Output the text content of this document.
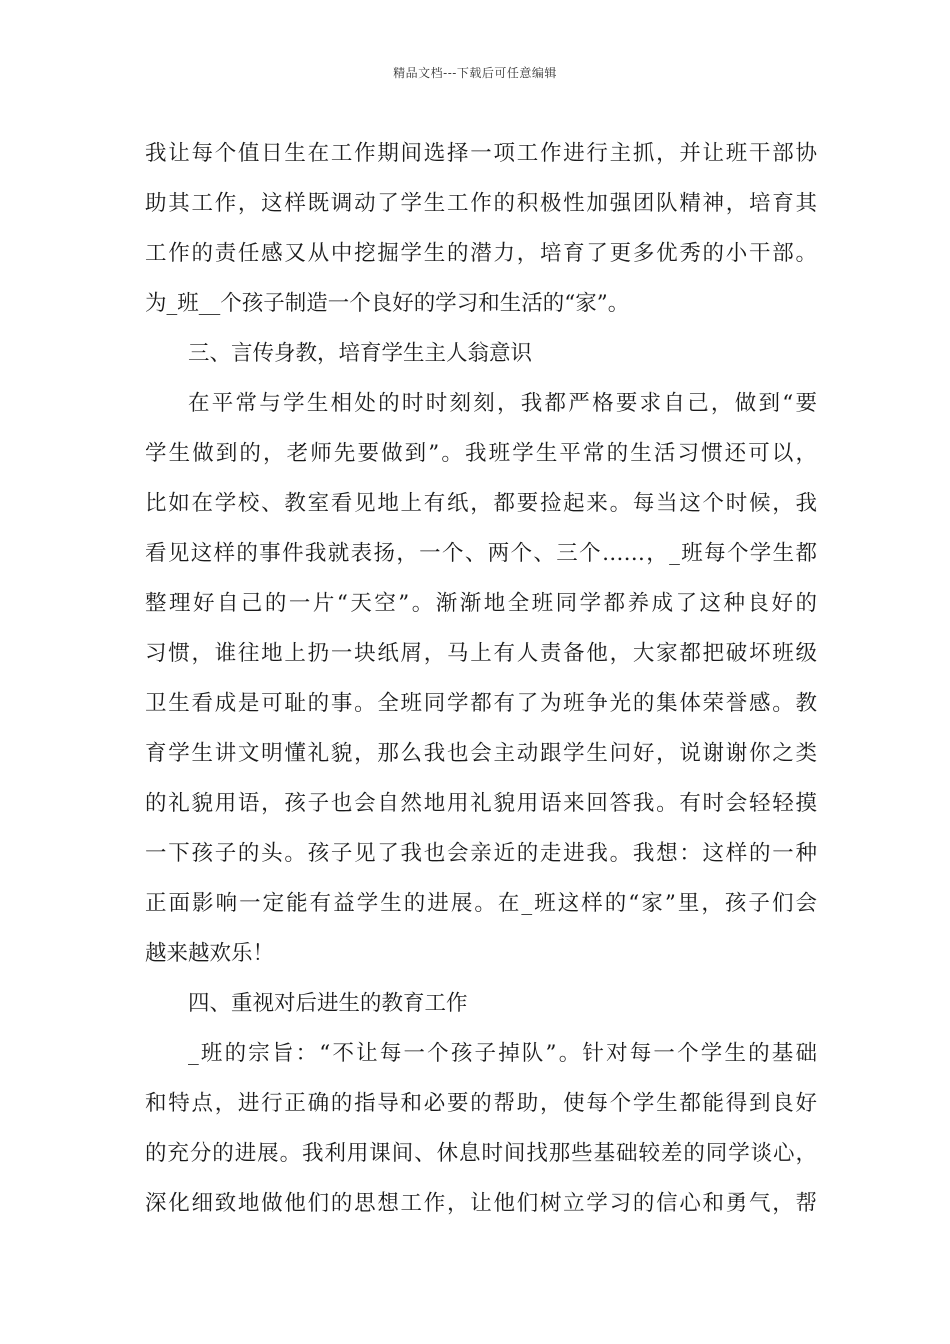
精品文档---下载后可任意编辑
我让每个值日生在工作期间选择一项工作进行主抓，并让班干部协
助其工作，这样既调动了学生工作的积极性加强团队精神，培育其
工作的责任感又从中挖掘学生的潜力，培育了更多优秀的小干部。
为_班__个孩子制造一个良好的学习和生活的“家”。
三、言传身教，培育学生主人翁意识
在平常与学生相处的时时刻刻，我都严格要求自己，做到“要
学生做到的，老师先要做到”。我班学生平常的生活习惯还可以，
比如在学校、教室看见地上有纸，都要捡起来。每当这个时候，我
看见这样的事件我就表扬，一个、两个、三个……，_班每个学生都
整理好自己的一片“天空”。渐渐地全班同学都养成了这种良好的
习惯，谁往地上扔一块纸屑，马上有人责备他，大家都把破坏班级
卫生看成是可耻的事。全班同学都有了为班争光的集体荣誉感。教
育学生讲文明懂礼貌，那么我也会主动跟学生问好，说谢谢你之类
的礼貌用语，孩子也会自然地用礼貌用语来回答我。有时会轻轻摸
一下孩子的头。孩子见了我也会亲近的走进我。我想：这样的一种
正面影响一定能有益学生的进展。在_班这样的“家”里，孩子们会
越来越欢乐！
四、重视对后进生的教育工作
_班的宗旨：“不让每一个孩子掉队”。针对每一个学生的基础
和特点，进行正确的指导和必要的帮助，使每个学生都能得到良好
的充分的进展。我利用课间、休息时间找那些基础较差的同学谈心，
深化细致地做他们的思想工作，让他们树立学习的信心和勇气，帮
